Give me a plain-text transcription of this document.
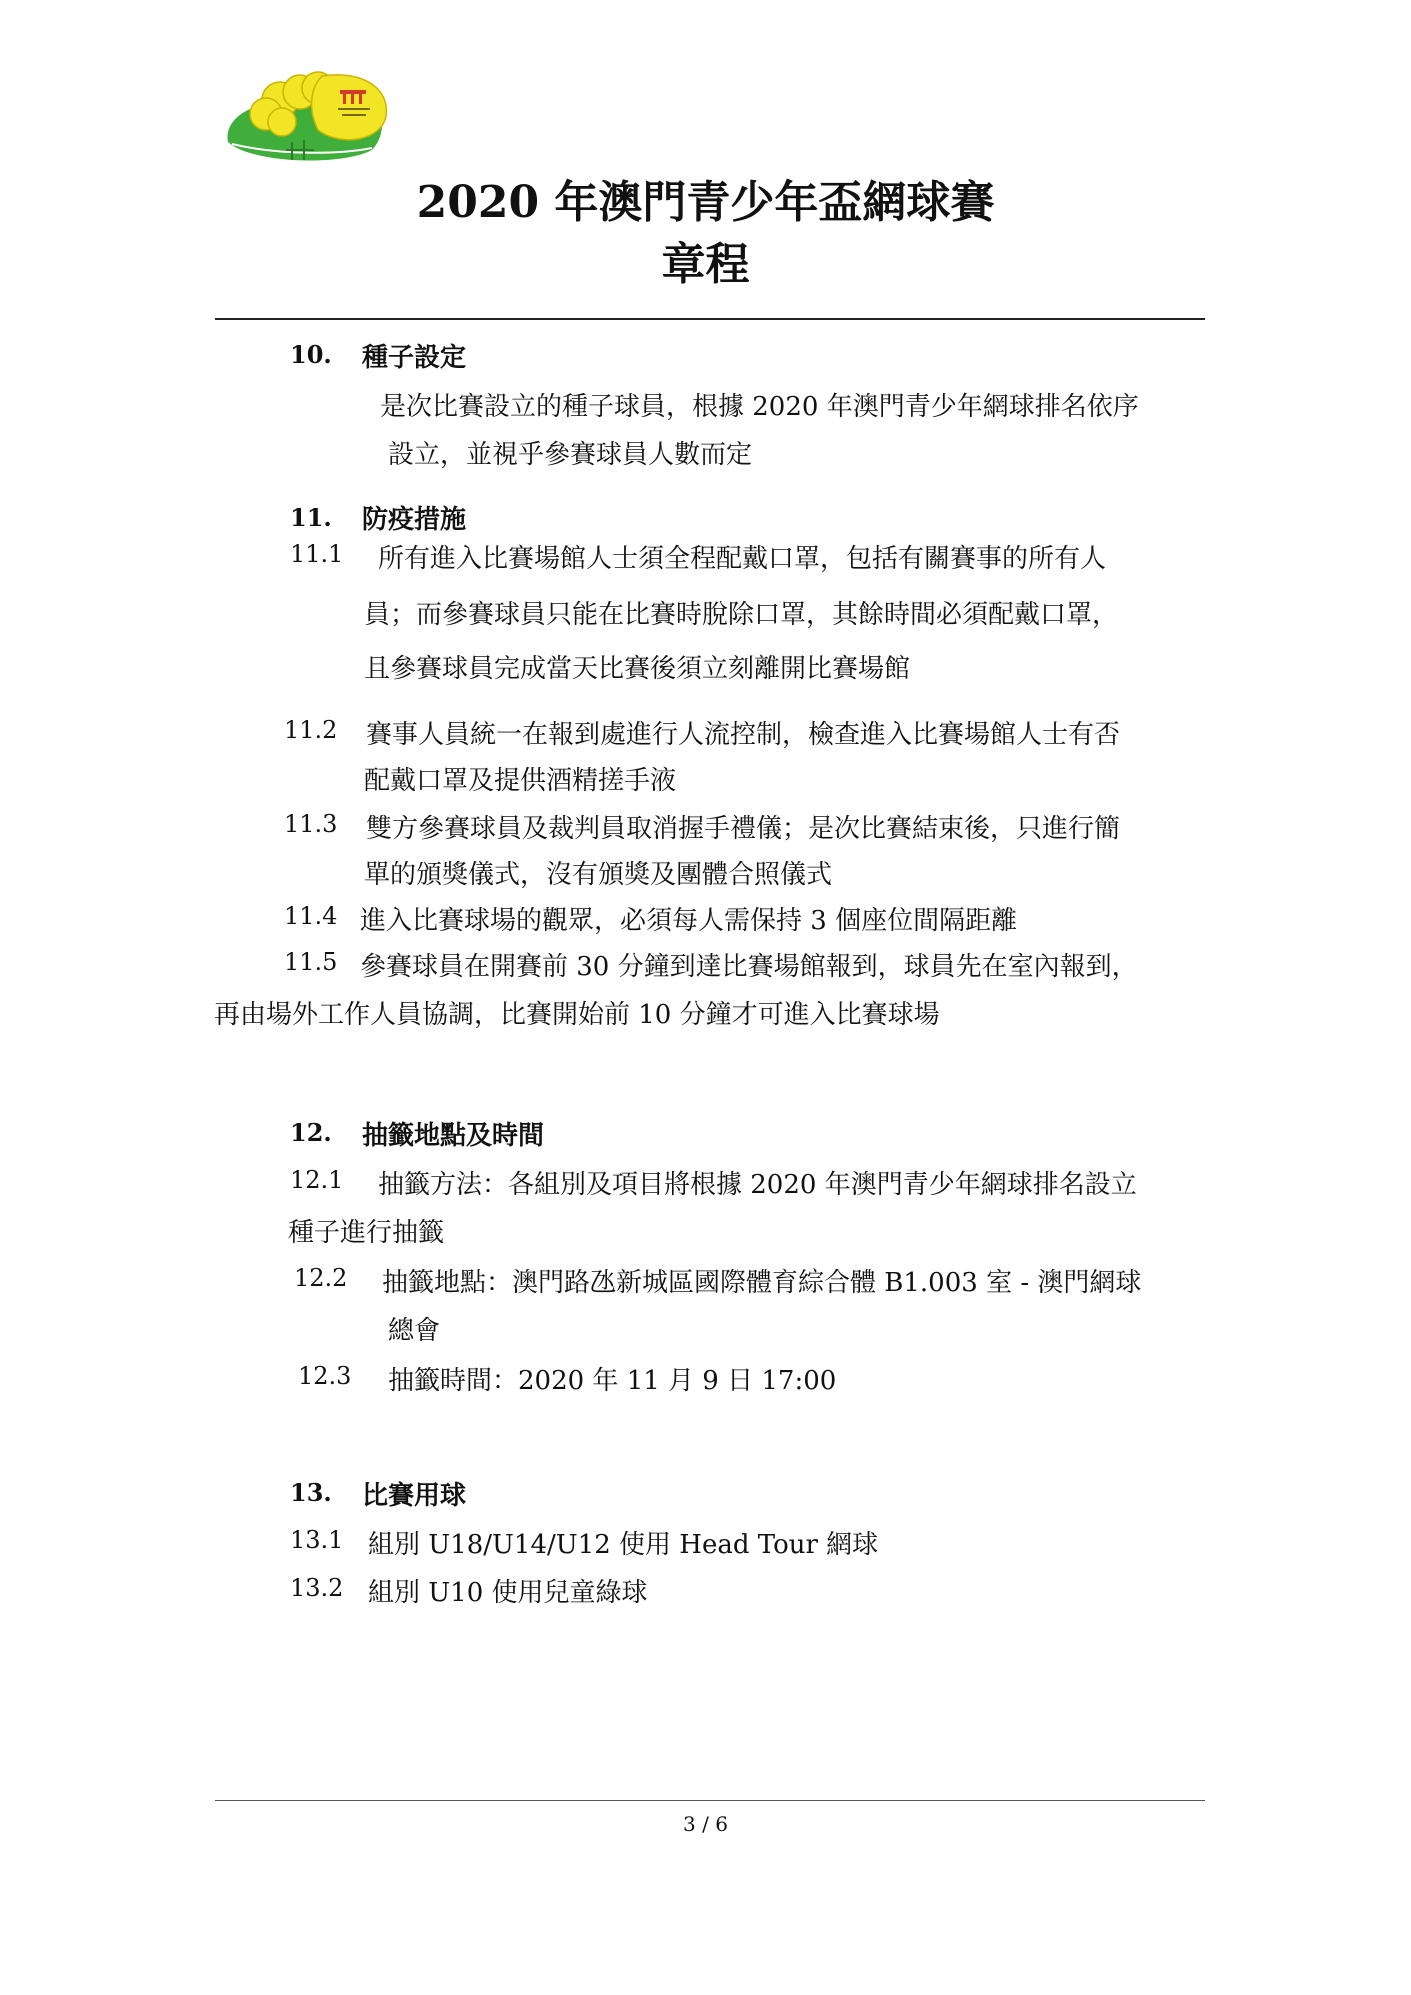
2020 年澳門青少年盃網球賽
章程
10. 種子設定
是次比賽設立的種子球員，根據 2020 年澳門青少年網球排名依序
設立，並視乎參賽球員人數而定
11. 防疫措施
11.1 所有進入比賽場館人士須全程配戴口罩，包括有關賽事的所有人
員；而參賽球員只能在比賽時脫除口罩，其餘時間必須配戴口罩，
且參賽球員完成當天比賽後須立刻離開比賽場館
11.2 賽事人員統一在報到處進行人流控制，檢查進入比賽場館人士有否
配戴口罩及提供酒精搓手液
11.3 雙方參賽球員及裁判員取消握手禮儀；是次比賽結束後，只進行簡
單的頒獎儀式，沒有頒獎及團體合照儀式
11.4 進入比賽球場的觀眾，必須每人需保持 3 個座位間隔距離
11.5 參賽球員在開賽前 30 分鐘到達比賽場館報到，球員先在室內報到，
再由場外工作人員協調，比賽開始前 10 分鐘才可進入比賽球場
12. 抽籤地點及時間
12.1 抽籤方法：各組別及項目將根據 2020 年澳門青少年網球排名設立
種子進行抽籤
12.2 抽籤地點：澳門路氹新城區國際體育綜合體 B1.003 室 - 澳門網球
總會
12.3 抽籤時間：2020 年 11 月 9 日 17:00
13. 比賽用球
13.1 組別 U18/U14/U12 使用 Head Tour 網球
13.2 組別 U10 使用兒童綠球
3 / 6
